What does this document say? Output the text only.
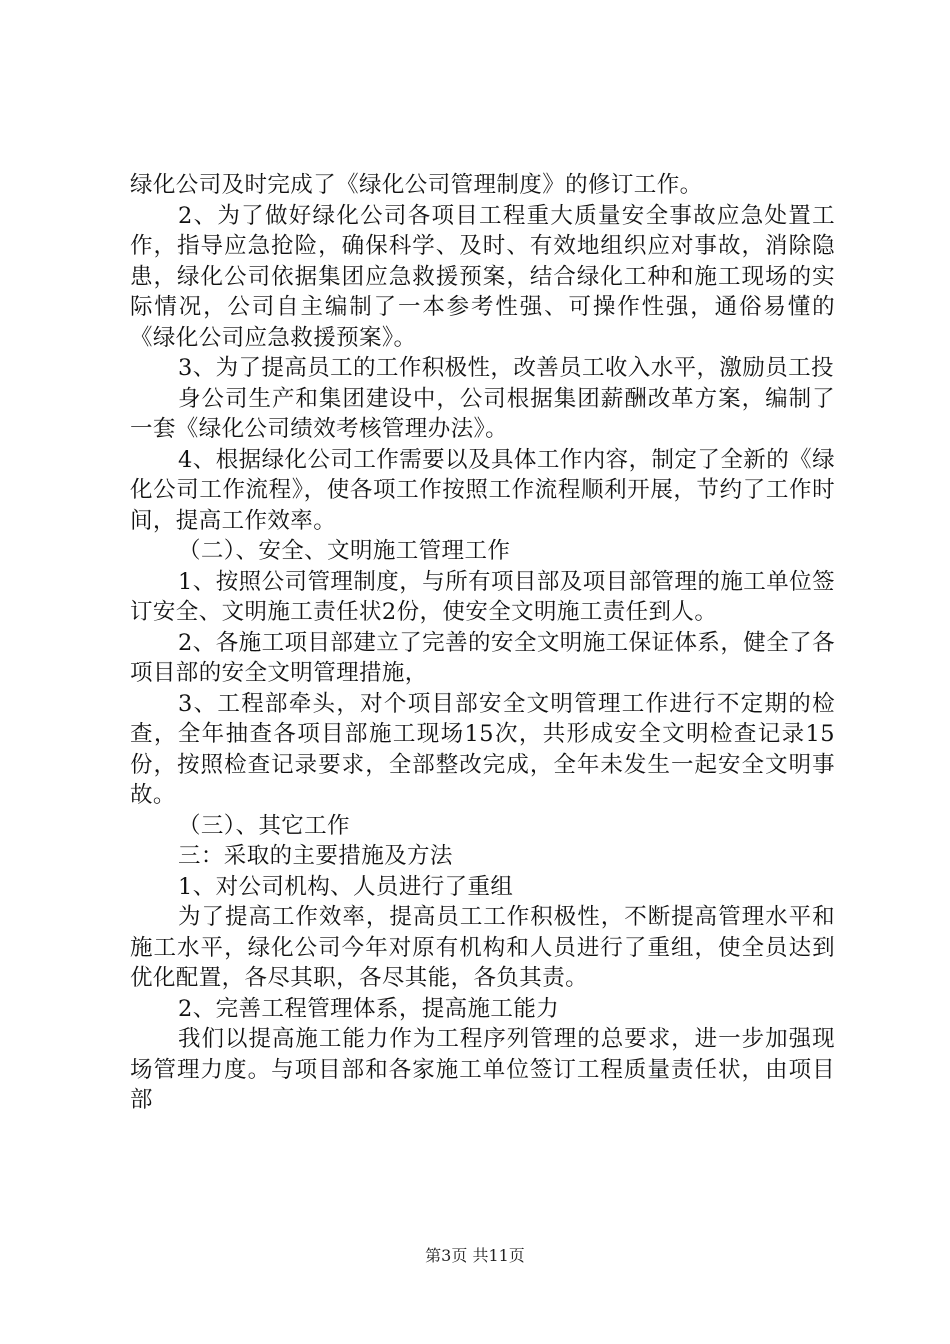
绿化公司及时完成了《绿化公司管理制度》的修订工作。

2、为了做好绿化公司各项目工程重大质量安全事故应急处置工作，指导应急抢险，确保科学、及时、有效地组织应对事故，消除隐患，绿化公司依据集团应急救援预案，结合绿化工种和施工现场的实际情况，公司自主编制了一本参考性强、可操作性强，通俗易懂的《绿化公司应急救援预案》。

3、为了提高员工的工作积极性，改善员工收入水平，激励员工投

身公司生产和集团建设中，公司根据集团薪酬改革方案，编制了一套《绿化公司绩效考核管理办法》。

4、根据绿化公司工作需要以及具体工作内容，制定了全新的《绿化公司工作流程》，使各项工作按照工作流程顺利开展，节约了工作时间，提高工作效率。

（二）、安全、文明施工管理工作

1、按照公司管理制度，与所有项目部及项目部管理的施工单位签订安全、文明施工责任状2份，使安全文明施工责任到人。

2、各施工项目部建立了完善的安全文明施工保证体系，健全了各项目部的安全文明管理措施，

3、工程部牵头，对个项目部安全文明管理工作进行不定期的检查，全年抽查各项目部施工现场15次，共形成安全文明检查记录15份，按照检查记录要求，全部整改完成，全年未发生一起安全文明事故。

（三）、其它工作

三：采取的主要措施及方法

1、对公司机构、人员进行了重组

为了提高工作效率，提高员工工作积极性，不断提高管理水平和施工水平，绿化公司今年对原有机构和人员进行了重组，使全员达到优化配置，各尽其职，各尽其能，各负其责。

2、完善工程管理体系，提高施工能力

我们以提高施工能力作为工程序列管理的总要求，进一步加强现场管理力度。与项目部和各家施工单位签订工程质量责任状，由项目部

第3页 共11页
